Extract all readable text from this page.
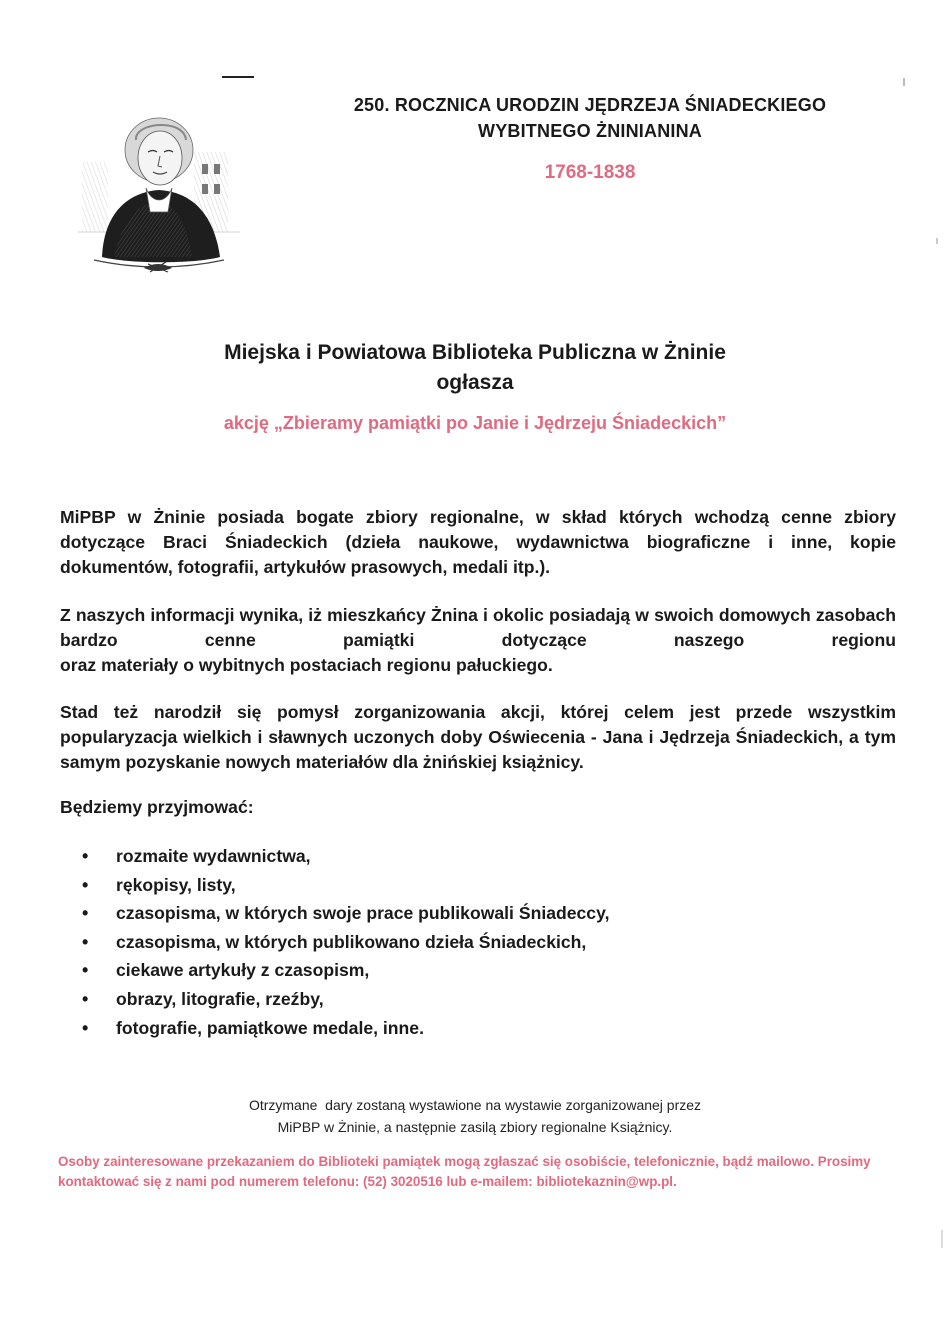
250. ROCZNICA URODZIN JĘDRZEJA ŚNIADECKIEGO
WYBITNEGO ŻNINIANINA
1768-1838
Miejska i Powiatowa Biblioteka Publiczna w Żninie
ogłasza
akcję „Zbieramy pamiątki po Janie i Jędrzeju Śniadeckich”
MiPBP w Żninie posiada bogate zbiory regionalne, w skład których wchodzą cenne zbiory dotyczące Braci Śniadeckich (dzieła naukowe, wydawnictwa biograficzne i inne, kopie dokumentów, fotografii, artykułów prasowych, medali itp.).
Z naszych informacji wynika, iż mieszkańcy Żnina i okolic posiadają w swoich domowych zasobach bardzo cenne pamiątki dotyczące naszego regionu
oraz materiały o wybitnych postaciach regionu pałuckiego.
Stad też narodził się pomysł zorganizowania akcji, której celem jest przede wszystkim popularyzacja wielkich i sławnych uczonych doby Oświecenia - Jana i Jędrzeja Śniadeckich, a tym samym pozyskanie nowych materiałów dla żnińskiej książnicy.
Będziemy przyjmować:
• rozmaite wydawnictwa,
• rękopisy, listy,
• czasopisma, w których swoje prace publikowali Śniadeccy,
• czasopisma, w których publikowano dzieła Śniadeckich,
• ciekawe artykuły z czasopism,
• obrazy, litografie, rzeźby,
• fotografie, pamiątkowe medale, inne.
Otrzymane  dary zostaną wystawione na wystawie zorganizowanej przez
MiPBP w Żninie, a następnie zasilą zbiory regionalne Książnicy.
Osoby zainteresowane przekazaniem do Biblioteki pamiątek mogą zgłaszać się osobiście, telefonicznie, bądź mailowo. Prosimy kontaktować się z nami pod numerem telefonu: (52) 3020516 lub e-mailem: bibliotekaznin@wp.pl.
